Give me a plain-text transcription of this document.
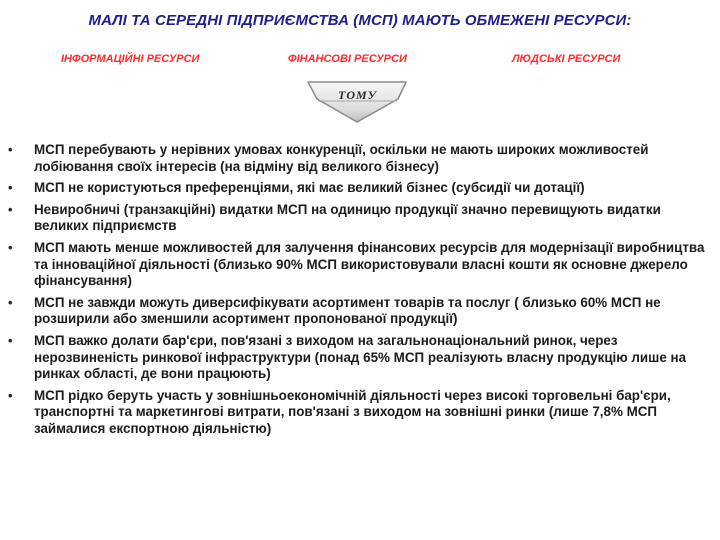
МАЛІ ТА СЕРЕДНІ ПІДПРИЄМСТВА (МСП) МАЮТЬ ОБМЕЖЕНІ РЕСУРСИ:
ІНФОРМАЦІЙНІ РЕСУРСИ	ФІНАНСОВІ РЕСУРСИ	ЛЮДСЬКІ РЕСУРСИ
ТОМУ
• МСП перебувають у нерівних умовах конкуренції, оскільки не мають широких можливостей лобіювання своїх інтересів (на відміну від великого бізнесу)
• МСП не користуються преференціями, які має великий бізнес (субсидії чи дотації)
• Невиробничі (транзакційні) видатки МСП на одиницю продукції значно перевищують видатки великих підприємств
• МСП мають менше можливостей для залучення фінансових ресурсів для модернізації виробництва та інноваційної діяльності (близько 90% МСП використовували власні кошти як основне джерело фінансування)
• МСП не завжди можуть диверсифікувати асортимент товарів та послуг ( близько 60% МСП не розширили або зменшили асортимент пропонованої продукції)
• МСП важко долати бар'єри, пов'язані з виходом на загальнонаціональний ринок, через нерозвиненість ринкової інфраструктури (понад 65% МСП реалізують власну продукцію лише на ринках області, де вони працюють)
• МСП рідко беруть участь у зовнішньоекономічній діяльності через високі торговельні бар'єри, транспортні та маркетингові витрати, пов'язані з виходом на зовнішні ринки (лише 7,8% МСП займалися експортною діяльністю)
